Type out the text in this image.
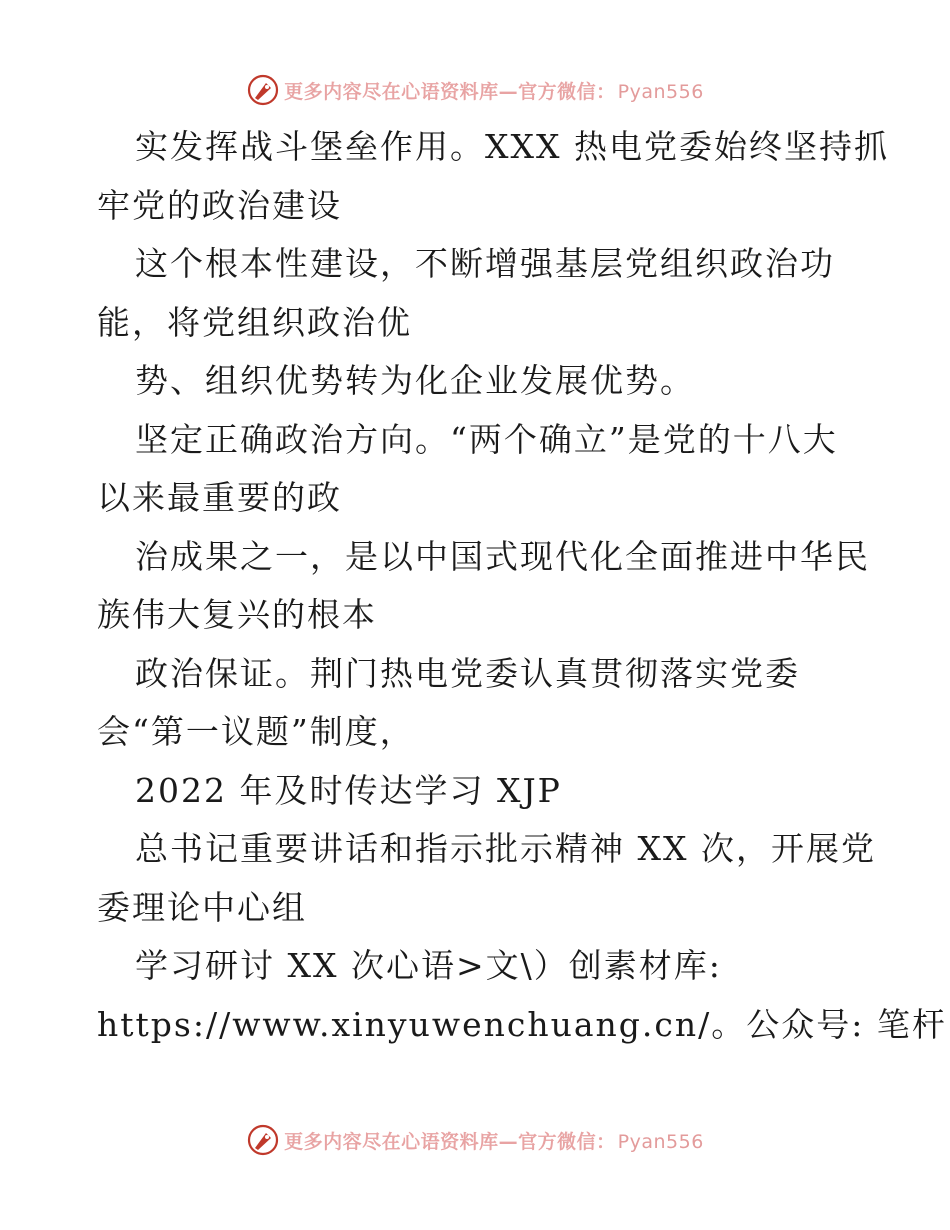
更多内容尽在心语资料库—官方微信： Pyan556
实发挥战斗堡垒作用。XXX 热电党委始终坚持抓
牢党的政治建设
这个根本性建设，不断增强基层党组织政治功
能，将党组织政治优
势、组织优势转为化企业发展优势。
坚定正确政治方向。“两个确立”是党的十八大
以来最重要的政
治成果之一，是以中国式现代化全面推进中华民
族伟大复兴的根本
政治保证。荆门热电党委认真贯彻落实党委
会“第一议题”制度，
2022 年及时传达学习 XJP
总书记重要讲话和指示批示精神 XX 次，开展党
委理论中心组
学习研讨 XX 次心语>文\）创素材库:
https://www.xinyuwenchuang.cn/。公众号: 笔杆
更多内容尽在心语资料库—官方微信： Pyan556
